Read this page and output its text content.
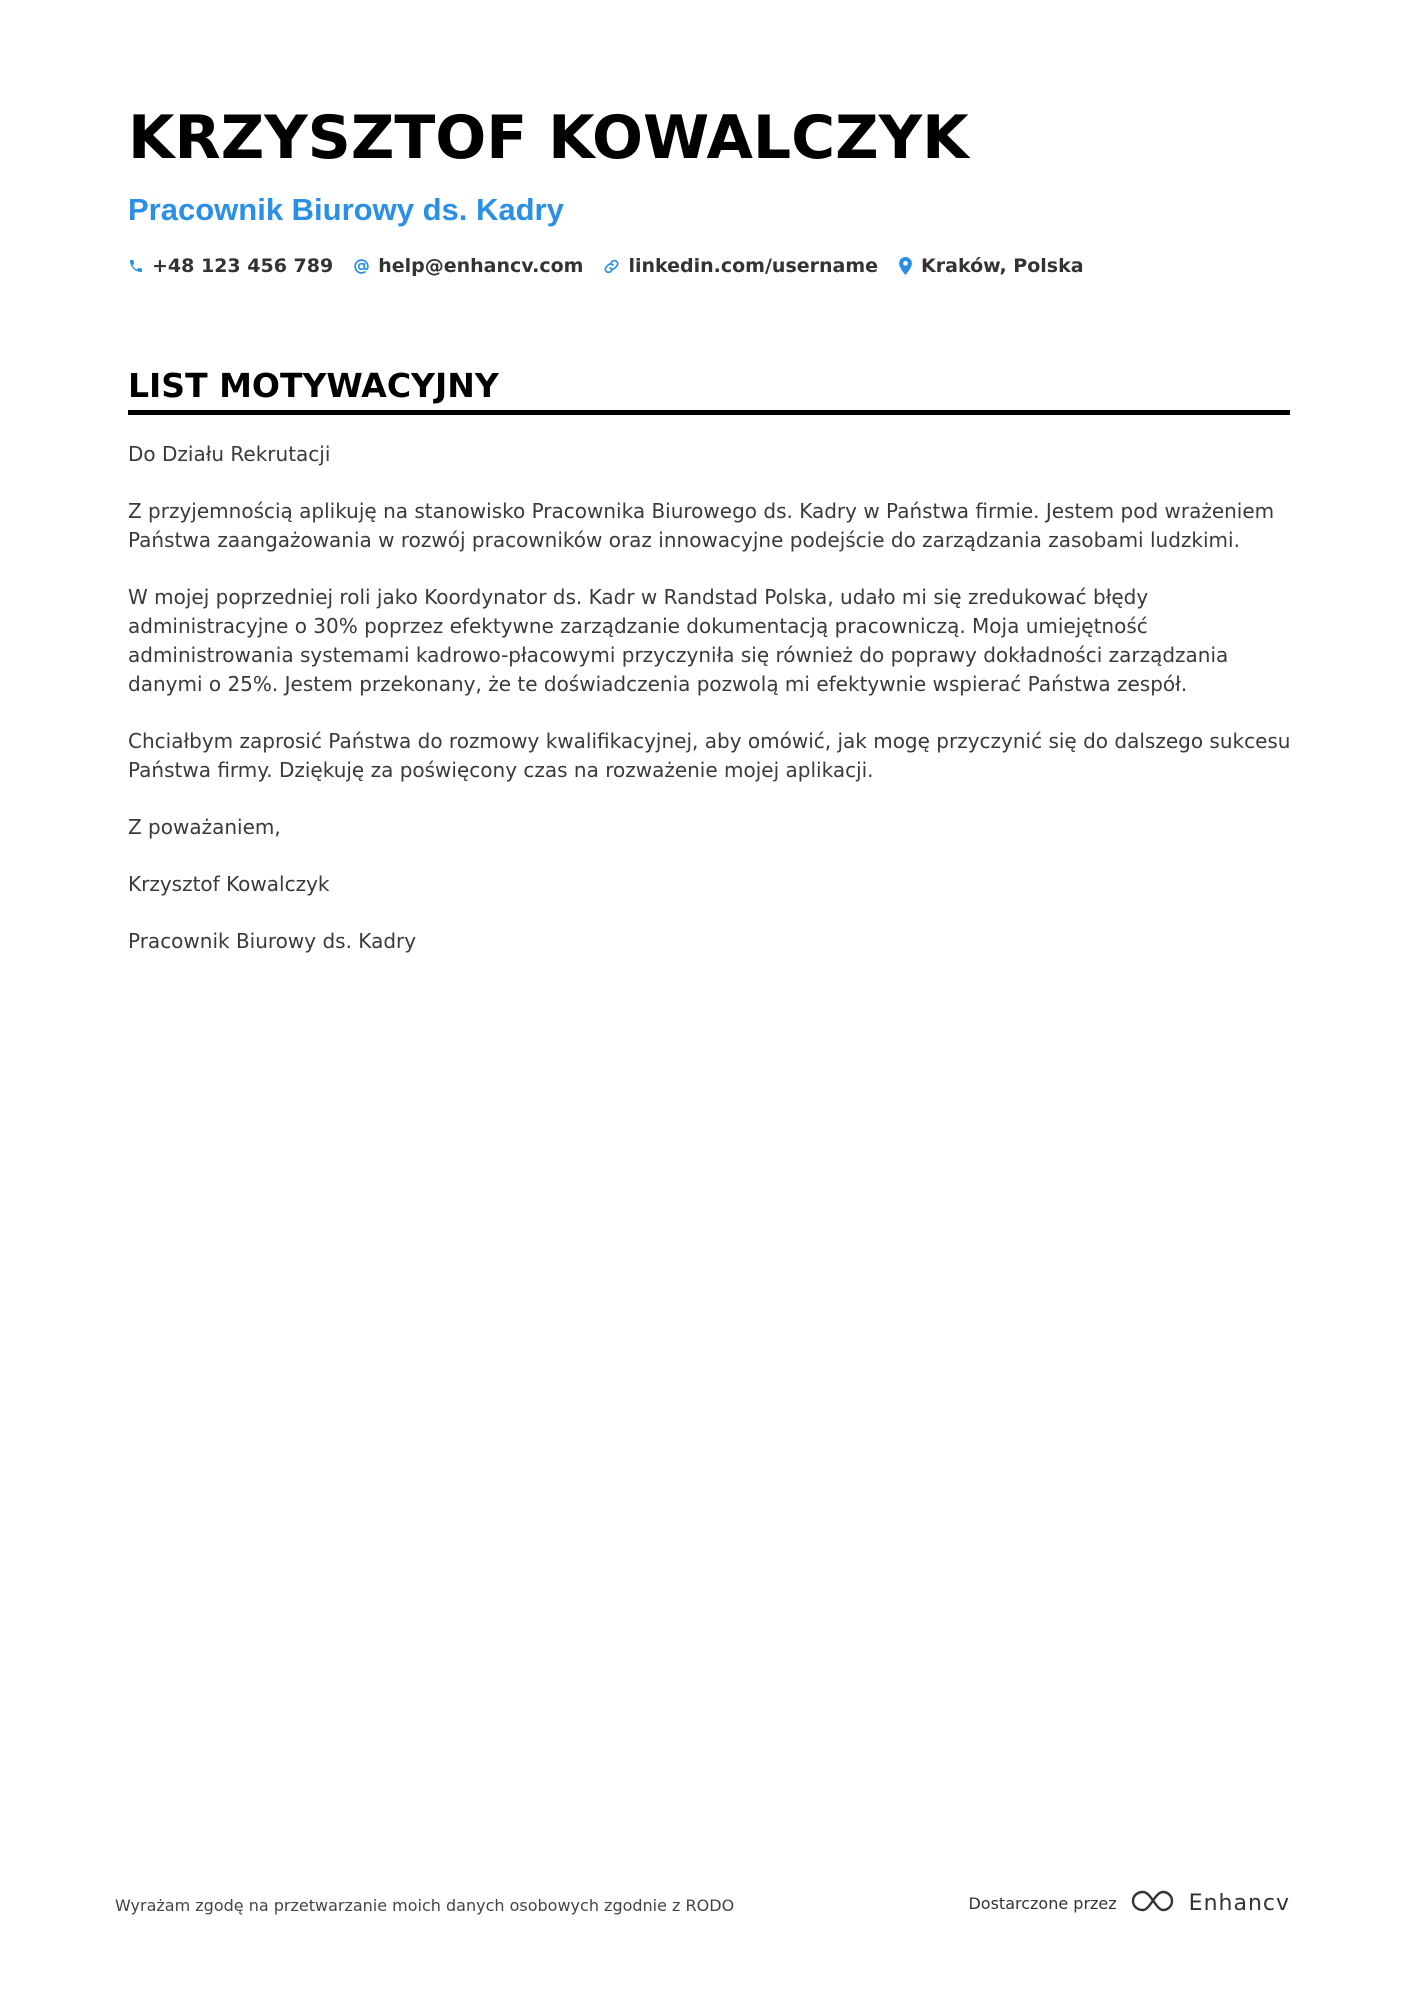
KRZYSZTOF KOWALCZYK
Pracownik Biurowy ds. Kadry
+48 123 456 789 help@enhancv.com linkedin.com/username Kraków, Polska
LIST MOTYWACYJNY

Do Działu Rekrutacji

Z przyjemnością aplikuję na stanowisko Pracownika Biurowego ds. Kadry w Państwa firmie. Jestem pod wrażeniem Państwa zaangażowania w rozwój pracowników oraz innowacyjne podejście do zarządzania zasobami ludzkimi.

W mojej poprzedniej roli jako Koordynator ds. Kadr w Randstad Polska, udało mi się zredukować błędy administracyjne o 30% poprzez efektywne zarządzanie dokumentacją pracowniczą. Moja umiejętność administrowania systemami kadrowo-płacowymi przyczyniła się również do poprawy dokładności zarządzania danymi o 25%. Jestem przekonany, że te doświadczenia pozwolą mi efektywnie wspierać Państwa zespół.

Chciałbym zaprosić Państwa do rozmowy kwalifikacyjnej, aby omówić, jak mogę przyczynić się do dalszego sukcesu Państwa firmy. Dziękuję za poświęcony czas na rozważenie mojej aplikacji.

Z poważaniem,

Krzysztof Kowalczyk

Pracownik Biurowy ds. Kadry

Wyrażam zgodę na przetwarzanie moich danych osobowych zgodnie z RODO	Dostarczone przez	Enhancv
